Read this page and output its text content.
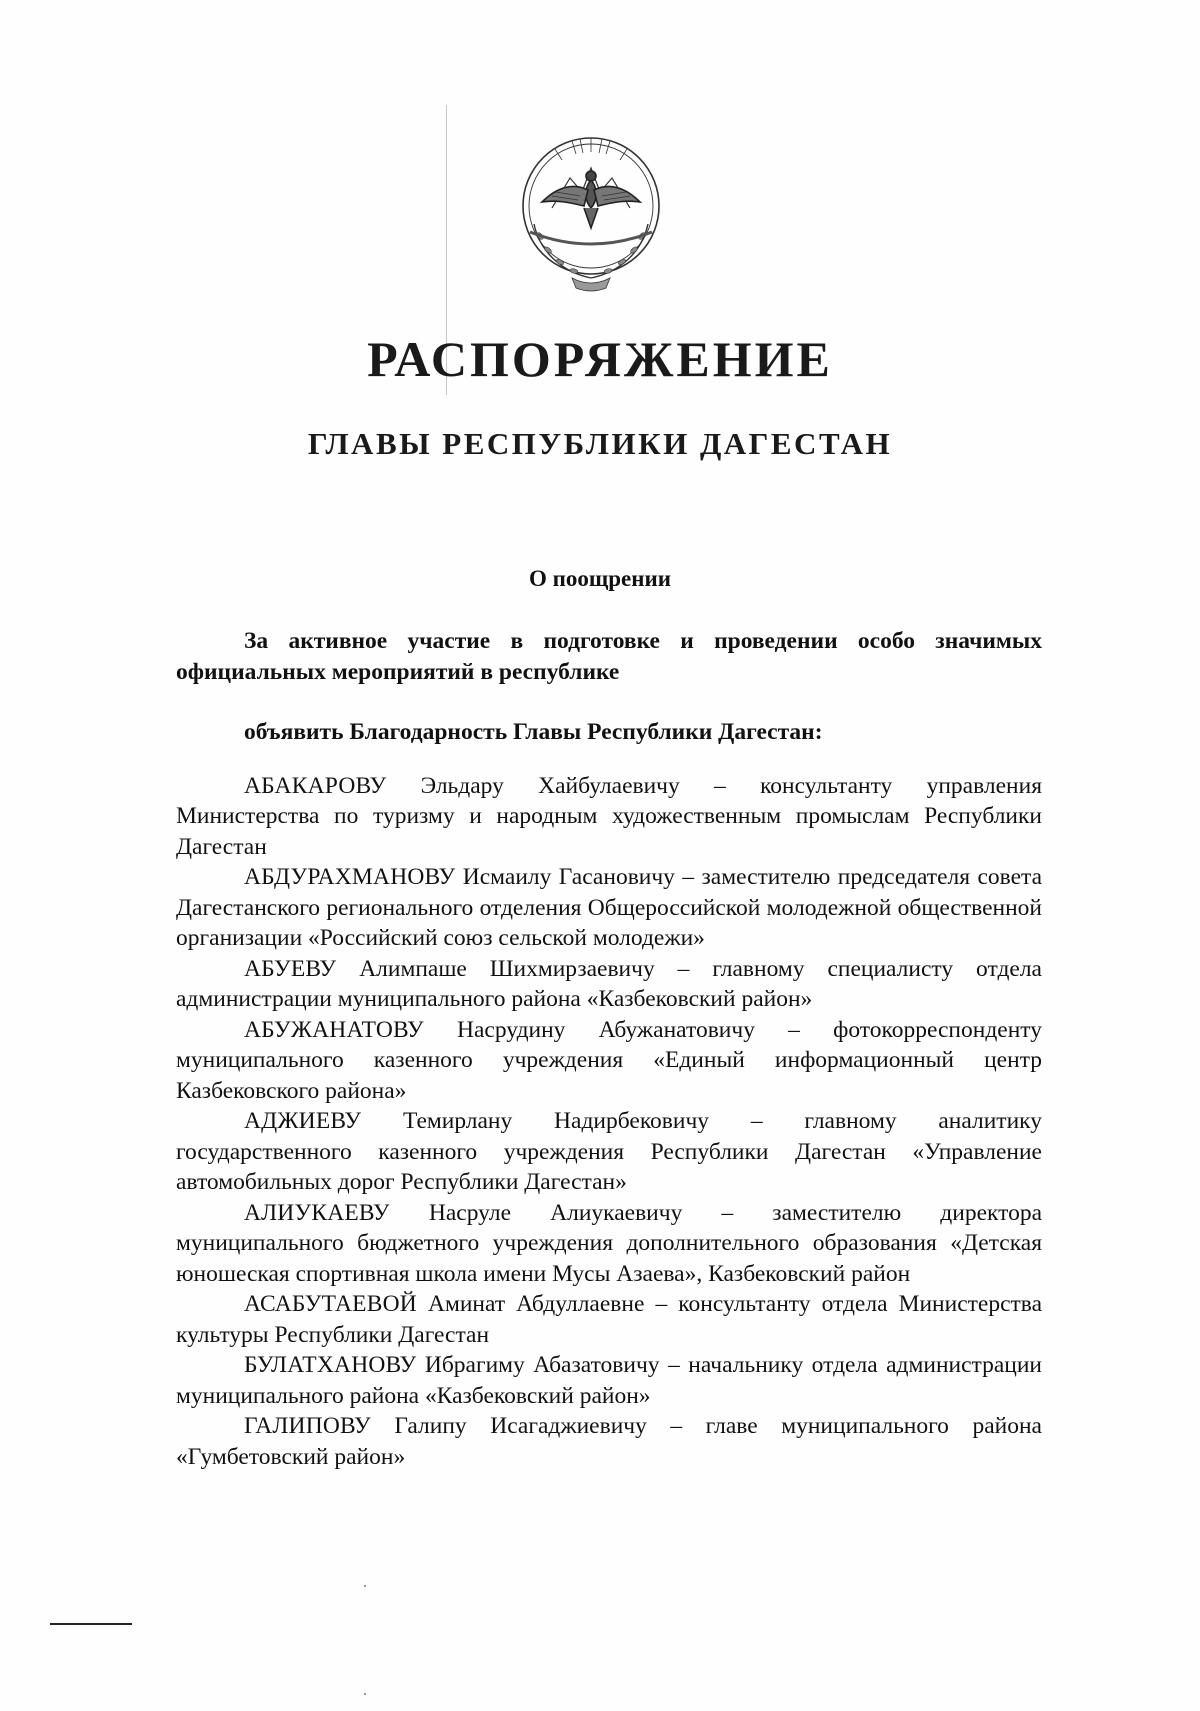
РАСПОРЯЖЕНИЕ
ГЛАВЫ РЕСПУБЛИКИ ДАГЕСТАН
О поощрении

За активное участие в подготовке и проведении особо значимых официальных мероприятий в республике

объявить Благодарность Главы Республики Дагестан:

АБАКАРОВУ Эльдару Хайбулаевичу – консультанту управления Министерства по туризму и народным художественным промыслам Республики Дагестан

АБДУРАХМАНОВУ Исмаилу Гасановичу – заместителю председателя совета Дагестанского регионального отделения Общероссийской молодежной общественной организации «Российский союз сельской молодежи»

АБУЕВУ Алимпаше Шихмирзаевичу – главному специалисту отдела администрации муниципального района «Казбековский район»

АБУЖАНАТОВУ Насрудину Абужанатовичу – фотокорреспонденту муниципального казенного учреждения «Единый информационный центр Казбековского района»

АДЖИЕВУ Темирлану Надирбековичу – главному аналитику государственного казенного учреждения Республики Дагестан «Управление автомобильных дорог Республики Дагестан»

АЛИУКАЕВУ Насруле Алиукаевичу – заместителю директора муниципального бюджетного учреждения дополнительного образования «Детская юношеская спортивная школа имени Мусы Азаева», Казбековский район

АСАБУТАЕВОЙ Аминат Абдуллаевне – консультанту отдела Министерства культуры Республики Дагестан

БУЛАТХАНОВУ Ибрагиму Абазатовичу – начальнику отдела администрации муниципального района «Казбековский район»

ГАЛИПОВУ Галипу Исагаджиевичу – главе муниципального района «Гумбетовский район»
